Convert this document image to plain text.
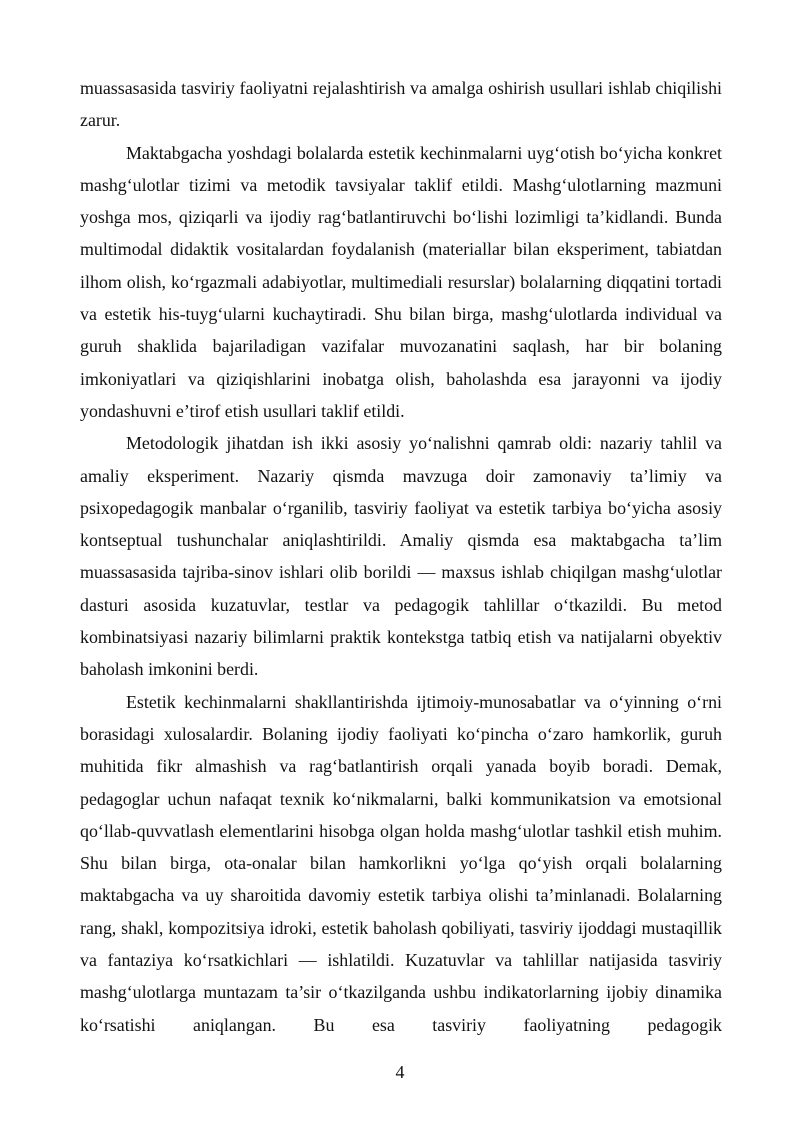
muassasasida tasviriy faoliyatni rejalashtirish va amalga oshirish usullari ishlab chiqilishi zarur.

Maktabgacha yoshdagi bolalarda estetik kechinmalarni uyg‘otish bo‘yicha konkret mashg‘ulotlar tizimi va metodik tavsiyalar taklif etildi. Mashg‘ulotlarning mazmuni yoshga mos, qiziqarli va ijodiy rag‘batlantiruvchi bo‘lishi lozimligi ta’kidlandi. Bunda multimodal didaktik vositalardan foydalanish (materiallar bilan eksperiment, tabiatdan ilhom olish, ko‘rgazmali adabiyotlar, multimediali resurslar) bolalarning diqqatini tortadi va estetik his-tuyg‘ularni kuchaytiradi. Shu bilan birga, mashg‘ulotlarda individual va guruh shaklida bajariladigan vazifalar muvozanatini saqlash, har bir bolaning imkoniyatlari va qiziqishlarini inobatga olish, baholashda esa jarayonni va ijodiy yondashuvni e’tirof etish usullari taklif etildi.

Metodologik jihatdan ish ikki asosiy yo‘nalishni qamrab oldi: nazariy tahlil va amaliy eksperiment. Nazariy qismda mavzuga doir zamonaviy ta’limiy va psixopedagogik manbalar o‘rganilib, tasviriy faoliyat va estetik tarbiya bo‘yicha asosiy kontseptual tushunchalar aniqlashtirildi. Amaliy qismda esa maktabgacha ta’lim muassasasida tajriba-sinov ishlari olib borildi — maxsus ishlab chiqilgan mashg‘ulotlar dasturi asosida kuzatuvlar, testlar va pedagogik tahlillar o‘tkazildi. Bu metod kombinatsiyasi nazariy bilimlarni praktik kontekstga tatbiq etish va natijalarni obyektiv baholash imkonini berdi.

Estetik kechinmalarni shakllantirishda ijtimoiy-munosabatlar va o‘yinning o‘rni borasidagi xulosalardir. Bolaning ijodiy faoliyati ko‘pincha o‘zaro hamkorlik, guruh muhitida fikr almashish va rag‘batlantirish orqali yanada boyib boradi. Demak, pedagoglar uchun nafaqat texnik ko‘nikmalarni, balki kommunikatsion va emotsional qo‘llab-quvvatlash elementlarini hisobga olgan holda mashg‘ulotlar tashkil etish muhim. Shu bilan birga, ota-onalar bilan hamkorlikni yo‘lga qo‘yish orqali bolalarning maktabgacha va uy sharoitida davomiy estetik tarbiya olishi ta’minlanadi. Bolalarning rang, shakl, kompozitsiya idroki, estetik baholash qobiliyati, tasviriy ijoddagi mustaqillik va fantaziya ko‘rsatkichlari — ishlatildi. Kuzatuvlar va tahlillar natijasida tasviriy mashg‘ulotlarga muntazam ta’sir o‘tkazilganda ushbu indikatorlarning ijobiy dinamika ko‘rsatishi aniqlangan. Bu esa tasviriy faoliyatning pedagogik

4
